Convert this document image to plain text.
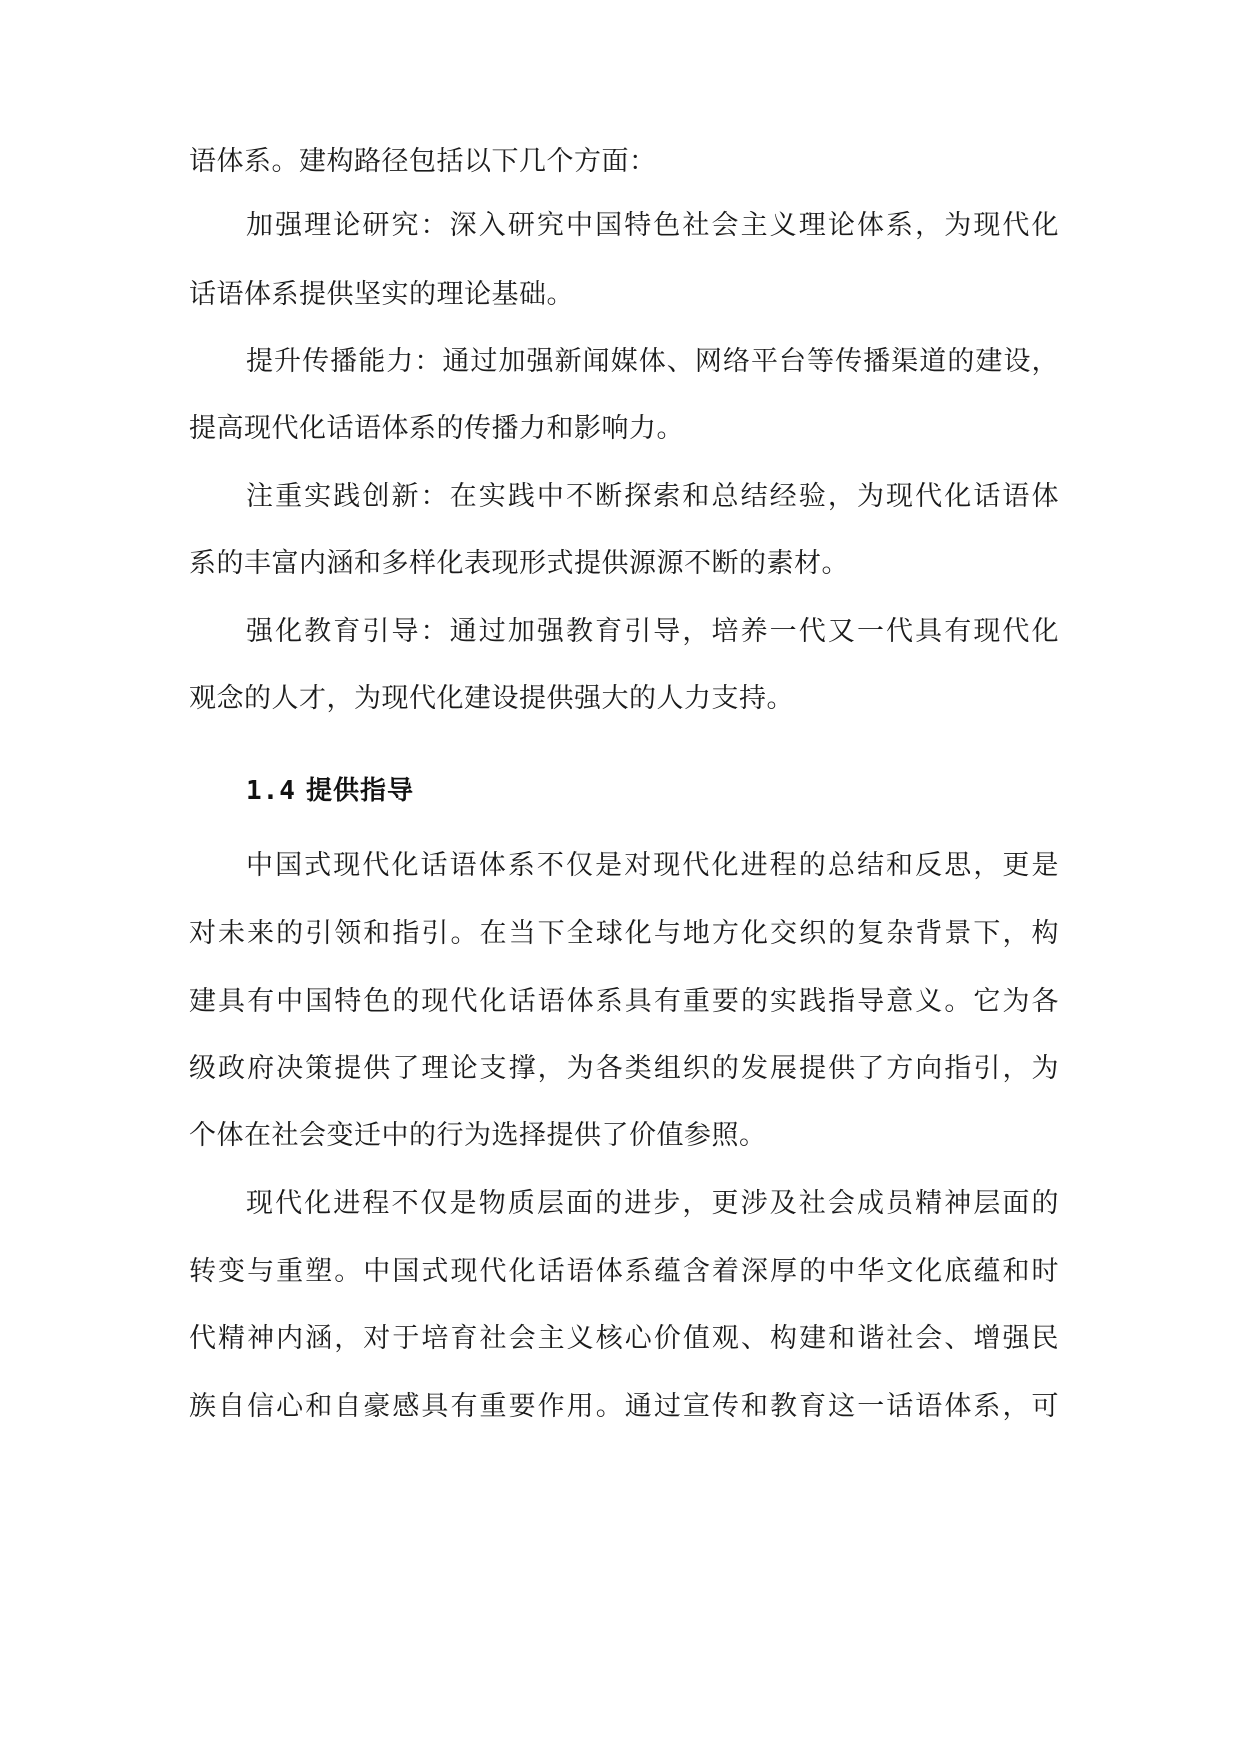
语体系。建构路径包括以下几个方面：

加强理论研究：深入研究中国特色社会主义理论体系，为现代化

话语体系提供坚实的理论基础。

提升传播能力：通过加强新闻媒体、网络平台等传播渠道的建设，

提高现代化话语体系的传播力和影响力。

注重实践创新：在实践中不断探索和总结经验，为现代化话语体

系的丰富内涵和多样化表现形式提供源源不断的素材。

强化教育引导：通过加强教育引导，培养一代又一代具有现代化

观念的人才，为现代化建设提供强大的人力支持。

1.4 提供指导

中国式现代化话语体系不仅是对现代化进程的总结和反思，更是

对未来的引领和指引。在当下全球化与地方化交织的复杂背景下，构

建具有中国特色的现代化话语体系具有重要的实践指导意义。它为各

级政府决策提供了理论支撑，为各类组织的发展提供了方向指引，为

个体在社会变迁中的行为选择提供了价值参照。

现代化进程不仅是物质层面的进步，更涉及社会成员精神层面的

转变与重塑。中国式现代化话语体系蕴含着深厚的中华文化底蕴和时

代精神内涵，对于培育社会主义核心价值观、构建和谐社会、增强民

族自信心和自豪感具有重要作用。通过宣传和教育这一话语体系，可
